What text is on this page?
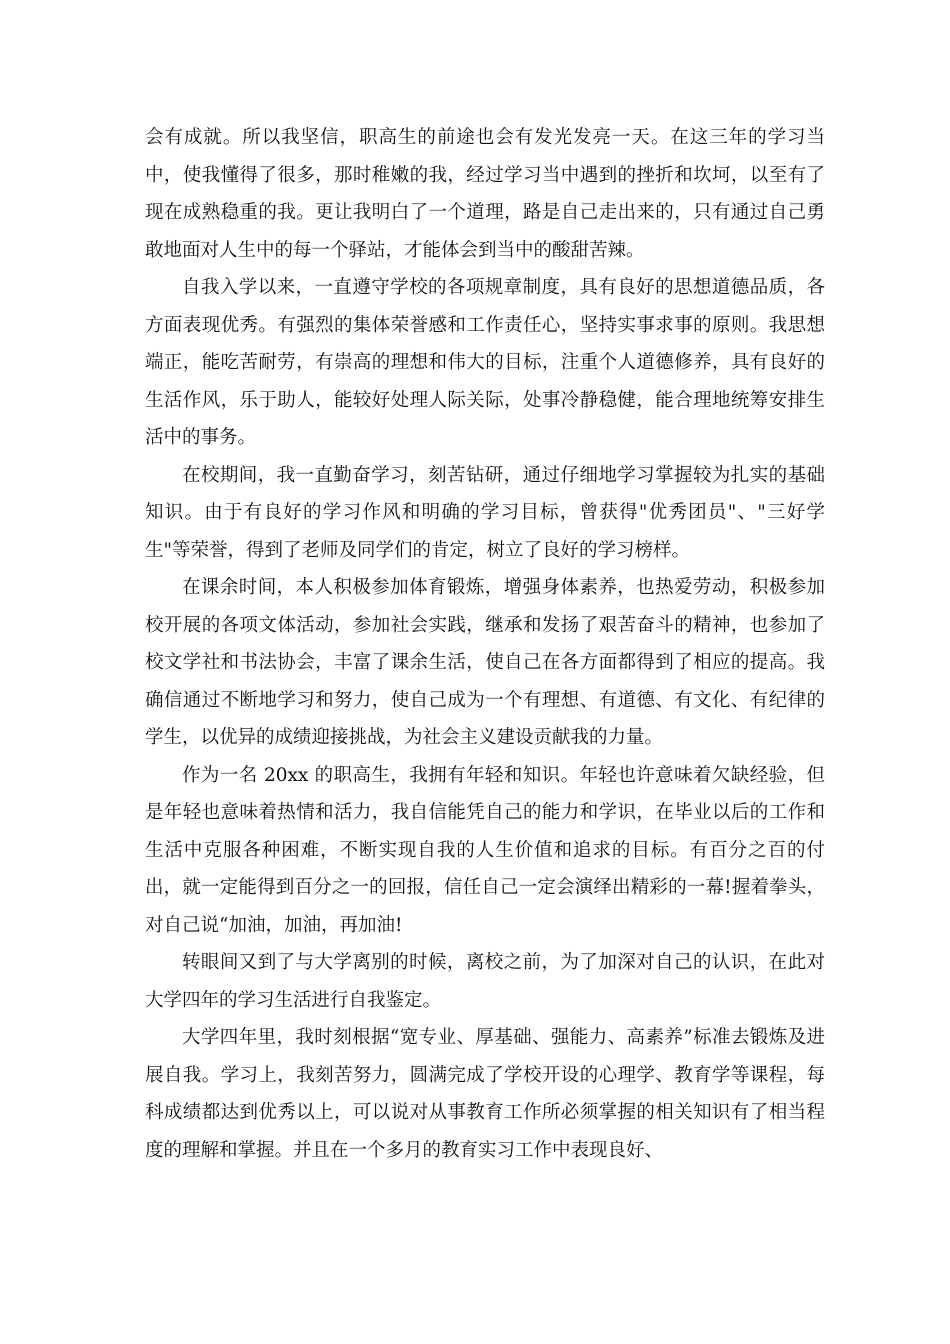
会有成就。所以我坚信，职高生的前途也会有发光发亮一天。在这三年的学习当中，使我懂得了很多，那时稚嫩的我，经过学习当中遇到的挫折和坎坷，以至有了现在成熟稳重的我。更让我明白了一个道理，路是自己走出来的，只有通过自己勇敢地面对人生中的每一个驿站，才能体会到当中的酸甜苦辣。

自我入学以来，一直遵守学校的各项规章制度，具有良好的思想道德品质，各方面表现优秀。有强烈的集体荣誉感和工作责任心，坚持实事求事的原则。我思想端正，能吃苦耐劳，有崇高的理想和伟大的目标，注重个人道德修养，具有良好的生活作风，乐于助人，能较好处理人际关际，处事冷静稳健，能合理地统筹安排生活中的事务。

在校期间，我一直勤奋学习，刻苦钻研，通过仔细地学习掌握较为扎实的基础知识。由于有良好的学习作风和明确的学习目标，曾获得"优秀团员"、"三好学生"等荣誉，得到了老师及同学们的肯定，树立了良好的学习榜样。

在课余时间，本人积极参加体育锻炼，增强身体素养，也热爱劳动，积极参加校开展的各项文体活动，参加社会实践，继承和发扬了艰苦奋斗的精神，也参加了校文学社和书法协会，丰富了课余生活，使自己在各方面都得到了相应的提高。我确信通过不断地学习和努力，使自己成为一个有理想、有道德、有文化、有纪律的学生，以优异的成绩迎接挑战，为社会主义建设贡献我的力量。

作为一名 20xx 的职高生，我拥有年轻和知识。年轻也许意味着欠缺经验，但是年轻也意味着热情和活力，我自信能凭自己的能力和学识，在毕业以后的工作和生活中克服各种困难，不断实现自我的人生价值和追求的目标。有百分之百的付出，就一定能得到百分之一的回报，信任自己一定会演绎出精彩的一幕!握着拳头，对自己说“加油，加油，再加油!

转眼间又到了与大学离别的时候，离校之前，为了加深对自己的认识，在此对大学四年的学习生活进行自我鉴定。

大学四年里，我时刻根据“宽专业、厚基础、强能力、高素养”标准去锻炼及进展自我。学习上，我刻苦努力，圆满完成了学校开设的心理学、教育学等课程，每科成绩都达到优秀以上，可以说对从事教育工作所必须掌握的相关知识有了相当程度的理解和掌握。并且在一个多月的教育实习工作中表现良好、
